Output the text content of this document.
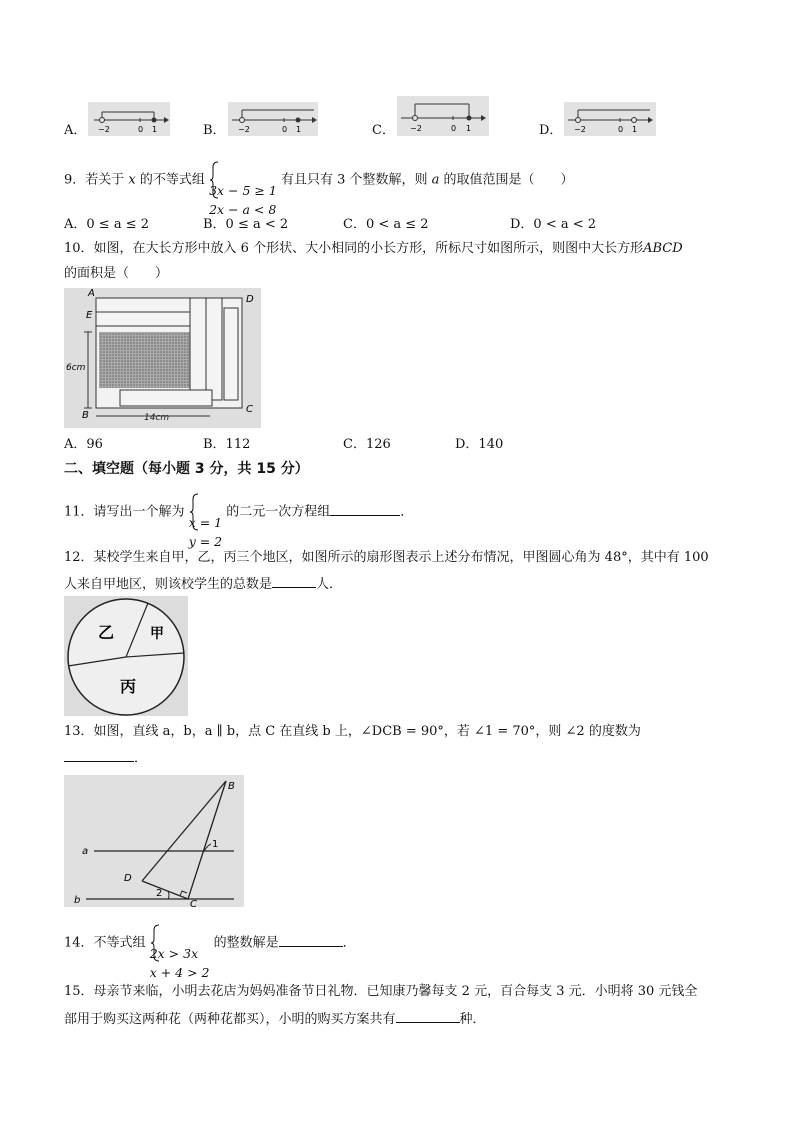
A． −2	0 1	B． −2	0 1	C． −2	0 1	D． −2	0 1
9．若关于 x 的不等式组
3x − 5 ≥ 1
2x − a < 8
有且只有 3 个整数解，则 a 的取值范围是（　　）
A．0 ≤ a ≤ 2	B．0 ≤ a < 2	C．0 < a ≤ 2	D．0 < a < 2
10．如图，在大长方形中放入 6 个形状、大小相同的小长方形，所标尺寸如图所示，则图中大长方形ABCD
的面积是（　　）
A
D
E
6cm
B
C
14cm
A．96	B．112	C．126	D．140
二、填空题（每小题 3 分，共 15 分）
11．请写出一个解为
x = 1
y = 2
的二元一次方程组	．
12．某校学生来自甲，乙，丙三个地区，如图所示的扇形图表示上述分布情况，甲图圆心角为 48°，其中有 100
人来自甲地区，则该校学生的总数是	人．
乙	甲
丙
13．如图，直线 a，b，a ∥ b，点 C 在直线 b 上，∠DCB = 90°，若 ∠1 = 70°，则 ∠2 的度数为
．
B
a
1
D
2
C
b
14．不等式组
2x > 3x
x + 4 > 2
的整数解是	．
15．母亲节来临，小明去花店为妈妈准备节日礼物．已知康乃馨每支 2 元，百合每支 3 元．小明将 30 元钱全
部用于购买这两种花（两种花都买），小明的购买方案共有	种．
